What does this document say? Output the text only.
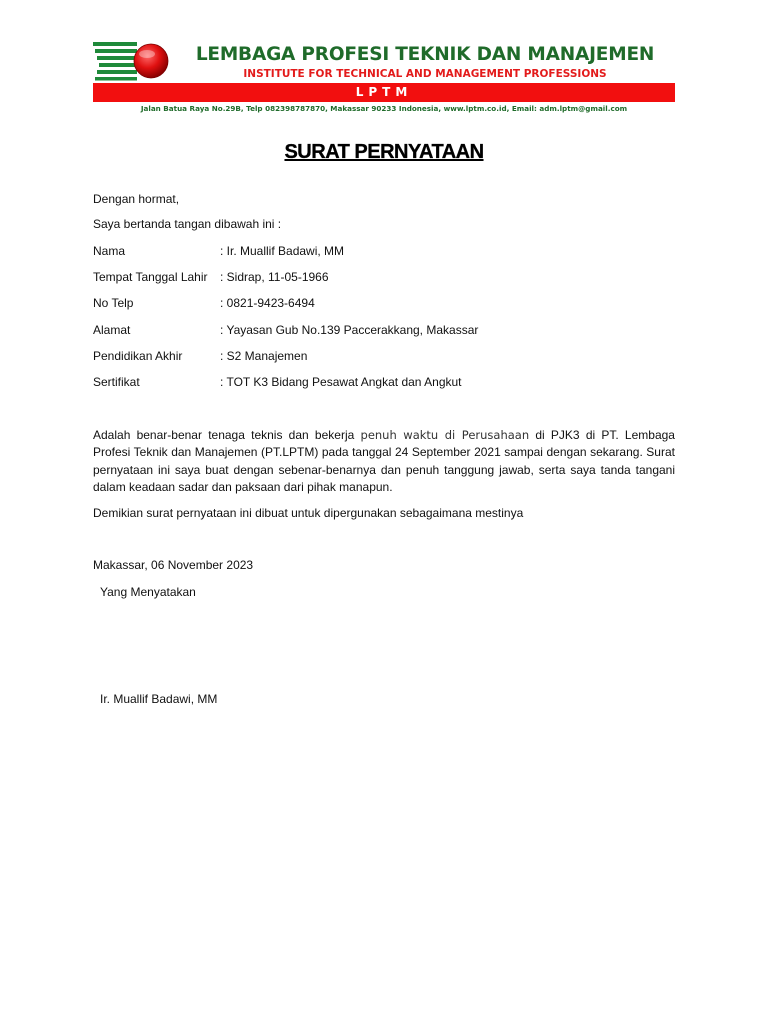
LEMBAGA PROFESI TEKNIK DAN MANAJEMEN
INSTITUTE FOR TECHNICAL AND MANAGEMENT PROFESSIONS
LPTM
Jalan Batua Raya No.29B, Telp 082398787870, Makassar 90233 Indonesia, www.lptm.co.id, Email: adm.lptm@gmail.com
SURAT PERNYATAAN
Dengan hormat,
Saya bertanda tangan dibawah ini :
Nama	: Ir. Muallif Badawi, MM
Tempat Tanggal Lahir : Sidrap, 11-05-1966
No Telp	: 0821-9423-6494
Alamat	: Yayasan Gub No.139 Paccerakkang, Makassar
Pendidikan Akhir	: S2 Manajemen
Sertifikat	: TOT K3 Bidang Pesawat Angkat dan Angkut
Adalah benar-benar tenaga teknis dan bekerja penuh waktu di Perusahaan di PJK3 di PT. Lembaga Profesi Teknik dan Manajemen (PT.LPTM) pada tanggal 24 September 2021 sampai dengan sekarang. Surat pernyataan ini saya buat dengan sebenar-benarnya dan penuh tanggung jawab, serta saya tanda tangani dalam keadaan sadar dan paksaan dari pihak manapun.
Demikian surat pernyataan ini dibuat untuk dipergunakan sebagaimana mestinya
Makassar, 06 November 2023
Yang Menyatakan
Ir. Muallif Badawi, MM
